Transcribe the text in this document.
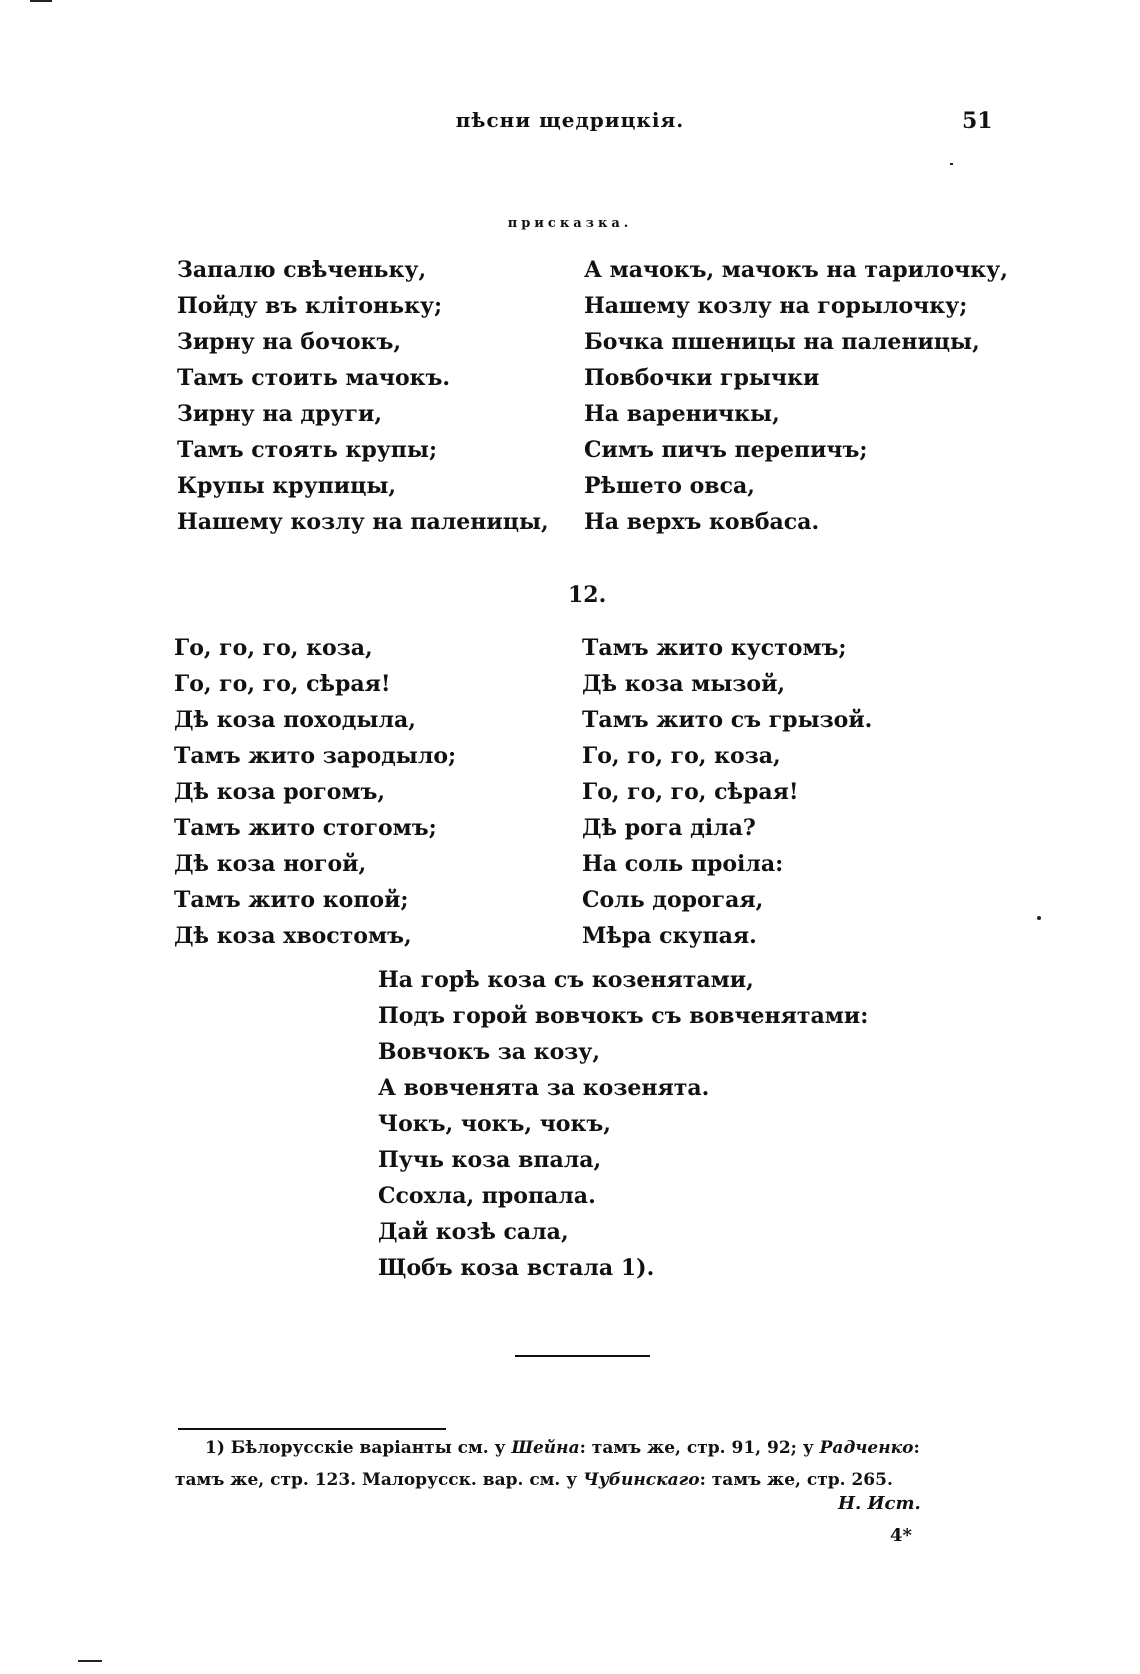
пѣсни щедрицкія.	51
присказка.
Запалю свѣченьку,
Пойду въ клітоньку;
Зирну на бочокъ,
Тамъ стоить мачокъ.
Зирну на други,
Тамъ стоять крупы;
Крупы крупицы,
Нашему козлу на паленицы,
А мачокъ, мачокъ на тарилочку,
Нашему козлу на горылочку;
Бочка пшеницы на паленицы,
Повбочки грычки
На вареничкы,
Симъ пичъ перепичъ;
Рѣшето овса,
На верхъ ковбаса.
12.
Го, го, го, коза,
Го, го, го, сѣрая!
Дѣ коза походыла,
Тамъ жито зародыло;
Дѣ коза рогомъ,
Тамъ жито стогомъ;
Дѣ коза ногой,
Тамъ жито копой;
Дѣ коза хвостомъ,
Тамъ жито кустомъ;
Дѣ коза мызой,
Тамъ жито съ грызой.
Го, го, го, коза,
Го, го, го, сѣрая!
Дѣ рога діла?
На соль проіла:
Соль дорогая,
Мѣра скупая.
На горѣ коза съ козенятами,
Подъ горой вовчокъ съ вовченятами:
Вовчокъ за козу,
А вовченята за козенята.
Чокъ, чокъ, чокъ,
Пучь коза впала,
Ссохла, пропала.
Дай козѣ сала,
Щобъ коза встала 1).

1) Бѣлорусскіе варіанты см. у Шейна: тамъ же, стр. 91, 92; у Радченко:

тамъ же, стр. 123. Малорусск. вар. см. у Чубинскаго: тамъ же, стр. 265.

Н. Ист.
4*
